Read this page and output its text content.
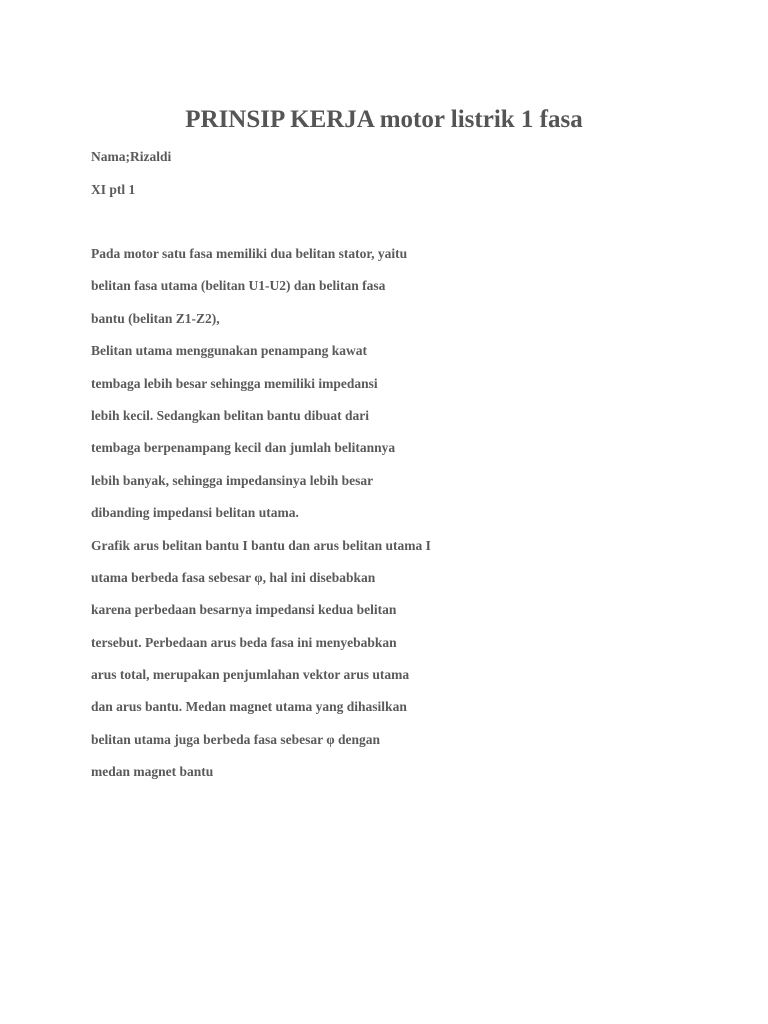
PRINSIP KERJA motor listrik 1 fasa

Nama;Rizaldi

XI ptl 1

Pada motor satu fasa memiliki dua belitan stator, yaitu
belitan fasa utama (belitan U1-U2) dan belitan fasa
bantu (belitan Z1-Z2),
Belitan utama menggunakan penampang kawat
tembaga lebih besar sehingga memiliki impedansi
lebih kecil. Sedangkan belitan bantu dibuat dari
tembaga berpenampang kecil dan jumlah belitannya
lebih banyak, sehingga impedansinya lebih besar
dibanding impedansi belitan utama.
Grafik arus belitan bantu I bantu dan arus belitan utama I
utama berbeda fasa sebesar φ, hal ini disebabkan
karena perbedaan besarnya impedansi kedua belitan
tersebut. Perbedaan arus beda fasa ini menyebabkan
arus total, merupakan penjumlahan vektor arus utama
dan arus bantu. Medan magnet utama yang dihasilkan
belitan utama juga berbeda fasa sebesar φ dengan
medan magnet bantu
